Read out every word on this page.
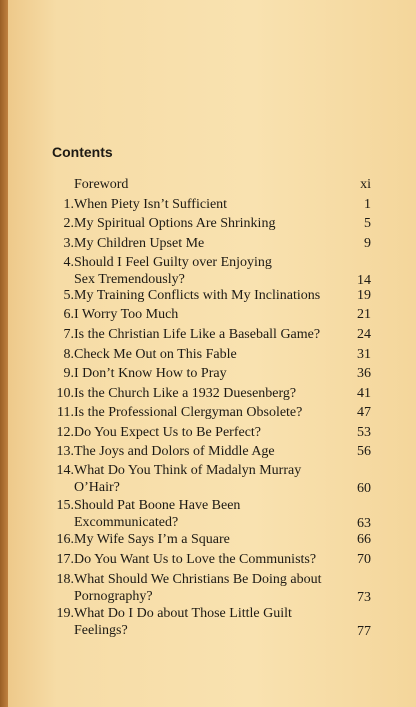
Contents
Foreword	xi
1. When Piety Isn’t Sufficient	1
2. My Spiritual Options Are Shrinking	5
3. My Children Upset Me	9
4. Should I Feel Guilty over Enjoying
Sex Tremendously?	14
5. My Training Conflicts with My Inclinations	19
6. I Worry Too Much	21
7. Is the Christian Life Like a Baseball Game?	24
8. Check Me Out on This Fable	31
9. I Don’t Know How to Pray	36
10. Is the Church Like a 1932 Duesenberg?	41
11. Is the Professional Clergyman Obsolete?	47
12. Do You Expect Us to Be Perfect?	53
13. The Joys and Dolors of Middle Age	56
14. What Do You Think of Madalyn Murray
O’Hair?	60
15. Should Pat Boone Have Been
Excommunicated?	63
16. My Wife Says I’m a Square	66
17. Do You Want Us to Love the Communists?	70
18. What Should We Christians Be Doing about
Pornography?	73
19. What Do I Do about Those Little Guilt
Feelings?	77
